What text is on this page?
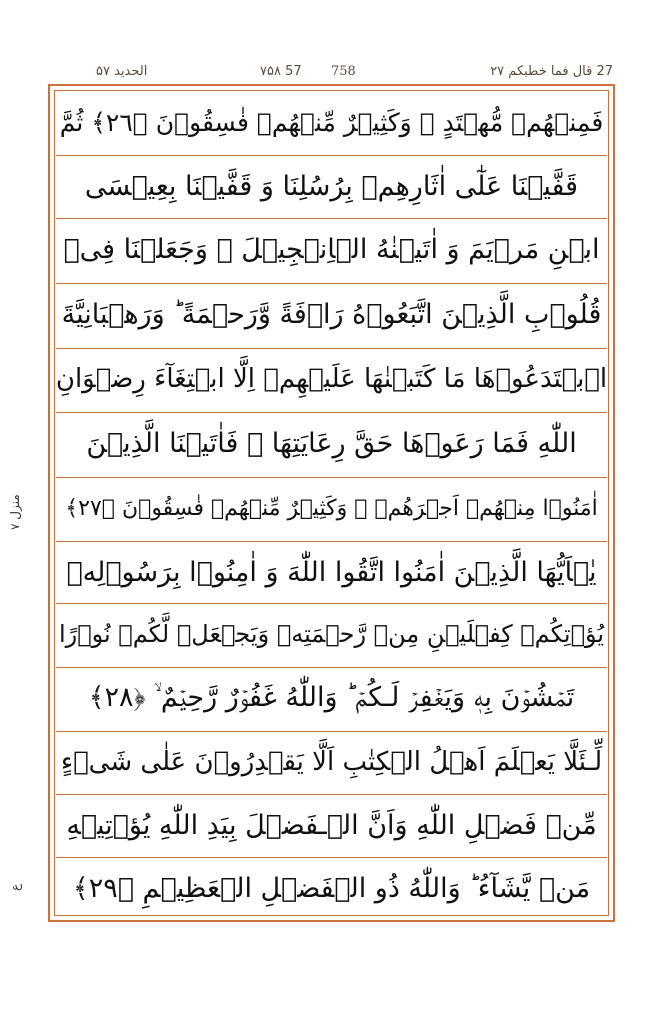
الحدید ۵۷	57 ۷۵۸ 758	27 قال فما خطبكم ۲۷
فَمِنۡهُمۡ مُّهۡتَدٍ ۚ وَكَثِيۡرٌ مِّنۡهُمۡ فٰسِقُوۡنَ ﴿٢٦﴾ ثُمَّ
قَفَّيۡنَا عَلٰٓى اٰثَارِهِمۡ بِرُسُلِنَا وَ قَفَّيۡنَا بِعِيۡسَى
ابۡنِ مَرۡيَمَ وَ اٰتَيۡنٰهُ الۡاِنۡجِيۡلَ ۙ وَجَعَلۡنَا فِىۡ
قُلُوۡبِ الَّذِيۡنَ اتَّبَعُوۡهُ رَاۡفَةً وَّرَحۡمَةً ؕ وَرَهۡبَانِيَّةَ
اۨبۡتَدَعُوۡهَا مَا كَتَبۡنٰهَا عَلَيۡهِمۡ اِلَّا ابۡتِغَآءَ رِضۡوَانِ
اللّٰهِ فَمَا رَعَوۡهَا حَقَّ رِعَايَتِهَا ۚ فَاٰتَيۡنَا الَّذِيۡنَ
اٰمَنُوۡا مِنۡهُمۡ اَجۡرَهُمۡ ۚ وَكَثِيۡرٌ مِّنۡهُمۡ فٰسِقُوۡنَ ﴿٢٧﴾
يٰۤاَيُّهَا الَّذِيۡنَ اٰمَنُوا اتَّقُوا اللّٰهَ وَ اٰمِنُوۡا بِرَسُوۡلِهٖ
يُؤۡتِكُمۡ كِفۡلَيۡنِ مِنۡ رَّحۡمَتِهٖ وَيَجۡعَلۡ لَّكُمۡ نُوۡرًا
تَمۡشُوۡنَ بِهٖ وَيَغۡفِرۡ لَـكُمۡ ؕ وَاللّٰهُ غَفُوۡرٌ رَّحِيۡمٌ ۙ ﴿٢٨﴾
لِّـئَلَّا يَعۡلَمَ اَهۡلُ الۡكِتٰبِ اَلَّا يَقۡدِرُوۡنَ عَلٰى شَىۡءٍ
مِّنۡ فَضۡلِ اللّٰهِ وَاَنَّ الۡـفَضۡلَ بِيَدِ اللّٰهِ يُؤۡتِيۡهِ
مَنۡ يَّشَآءُ ؕ وَاللّٰهُ ذُو الۡفَضۡلِ الۡعَظِيۡمِ ﴿٢٩﴾
منزل ۷
ع
